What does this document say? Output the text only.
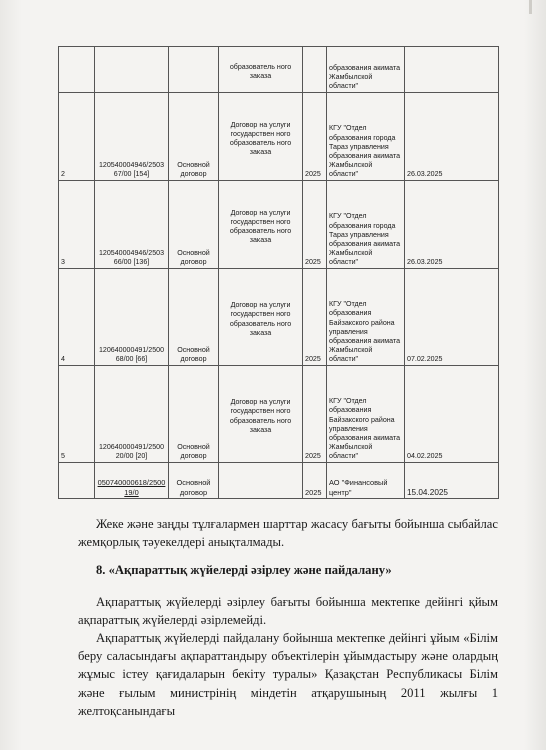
			образователь ного заказа		образования акимата Жамбылской области"	
2	120540004946/250367/00 [154]	Основной договор	Договор на услуги государствен ного образователь ного заказа	2025	КГУ "Отдел образования города Тараз управления образования акимата Жамбылской области"	26.03.2025
3	120540004946/250366/00 [136]	Основной договор	Договор на услуги государствен ного образователь ного заказа	2025	КГУ "Отдел образования города Тараз управления образования акимата Жамбылской области"	26.03.2025
4	120640000491/250068/00 [66]	Основной договор	Договор на услуги государствен ного образователь ного заказа	2025	КГУ "Отдел образования Байзакского района управления образования акимата Жамбылской области"	07.02.2025
5	120640000491/250020/00 [20]	Основной договор	Договор на услуги государствен ного образователь ного заказа	2025	КГУ "Отдел образования Байзакского района управления образования акимата Жамбылской области"	04.02.2025
	050740000618/250019/0	Основной договор		2025	АО "Финансовый центр"	15.04.2025
Жеке және заңды тұлғалармен шарттар жасасу бағыты бойынша сыбайлас жемқорлық тәуекелдері анықталмады.
8. «Ақпараттық жүйелерді әзірлеу және пайдалану»
Ақпараттық жүйелерді әзірлеу бағыты бойынша мектепке дейінгі қйым ақпараттық жүйелерді әзірлемейді.
Ақпараттық жүйелерді пайдалану бойынша мектепке дейінгі ұйым «Білім беру саласындағы ақпараттандыру объектілерін ұйымдастыру және олардың жұмыс істеу қағидаларын бекіту туралы» Қазақстан Республикасы Білім және ғылым министрінің міндетін атқарушының 2011 жылғы 1 желтоқсанындағы
